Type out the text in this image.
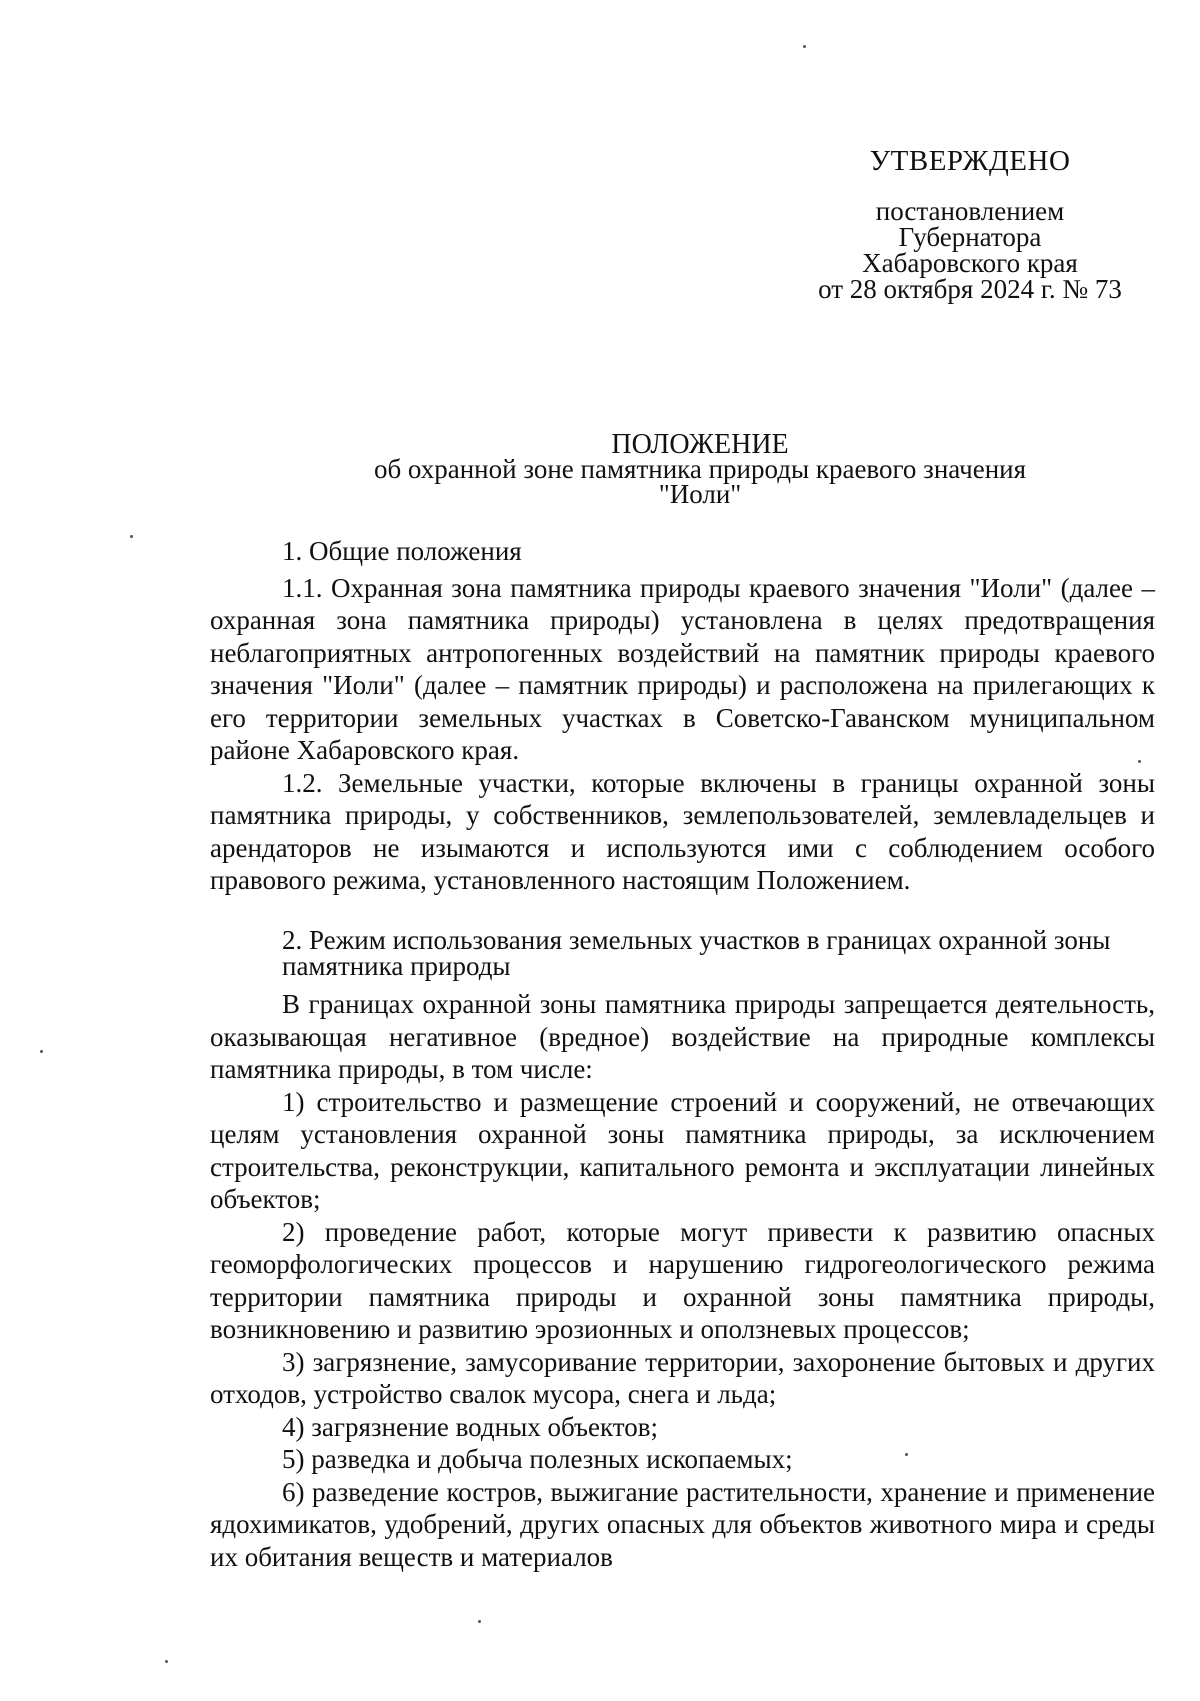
УТВЕРЖДЕНО
постановлением
Губернатора
Хабаровского края
от 28 октября 2024 г. № 73
ПОЛОЖЕНИЕ
об охранной зоне памятника природы краевого значения
"Иоли"

1. Общие положения

1.1. Охранная зона памятника природы краевого значения "Иоли" (далее – охранная зона памятника природы) установлена в целях предотвращения неблагоприятных антропогенных воздействий на памятник природы краевого значения "Иоли" (далее – памятник природы) и расположена на прилегающих к его территории земельных участках в Советско-Гаванском муниципальном районе Хабаровского края.

1.2. Земельные участки, которые включены в границы охранной зоны памятника природы, у собственников, землепользователей, землевладельцев и арендаторов не изымаются и используются ими с соблюдением особого правового режима, установленного настоящим Положением.

2. Режим использования земельных участков в границах охранной зоны

памятника природы

В границах охранной зоны памятника природы запрещается деятельность, оказывающая негативное (вредное) воздействие на природные комплексы памятника природы, в том числе:

1) строительство и размещение строений и сооружений, не отвечающих целям установления охранной зоны памятника природы, за исключением строительства, реконструкции, капитального ремонта и эксплуатации линейных объектов;

2) проведение работ, которые могут привести к развитию опасных геоморфологических процессов и нарушению гидрогеологического режима территории памятника природы и охранной зоны памятника природы, возникновению и развитию эрозионных и оползневых процессов;

3) загрязнение, замусоривание территории, захоронение бытовых и других отходов, устройство свалок мусора, снега и льда;

4) загрязнение водных объектов;

5) разведка и добыча полезных ископаемых;

6) разведение костров, выжигание растительности, хранение и применение ядохимикатов, удобрений, других опасных для объектов животного мира и среды их обитания веществ и материалов
